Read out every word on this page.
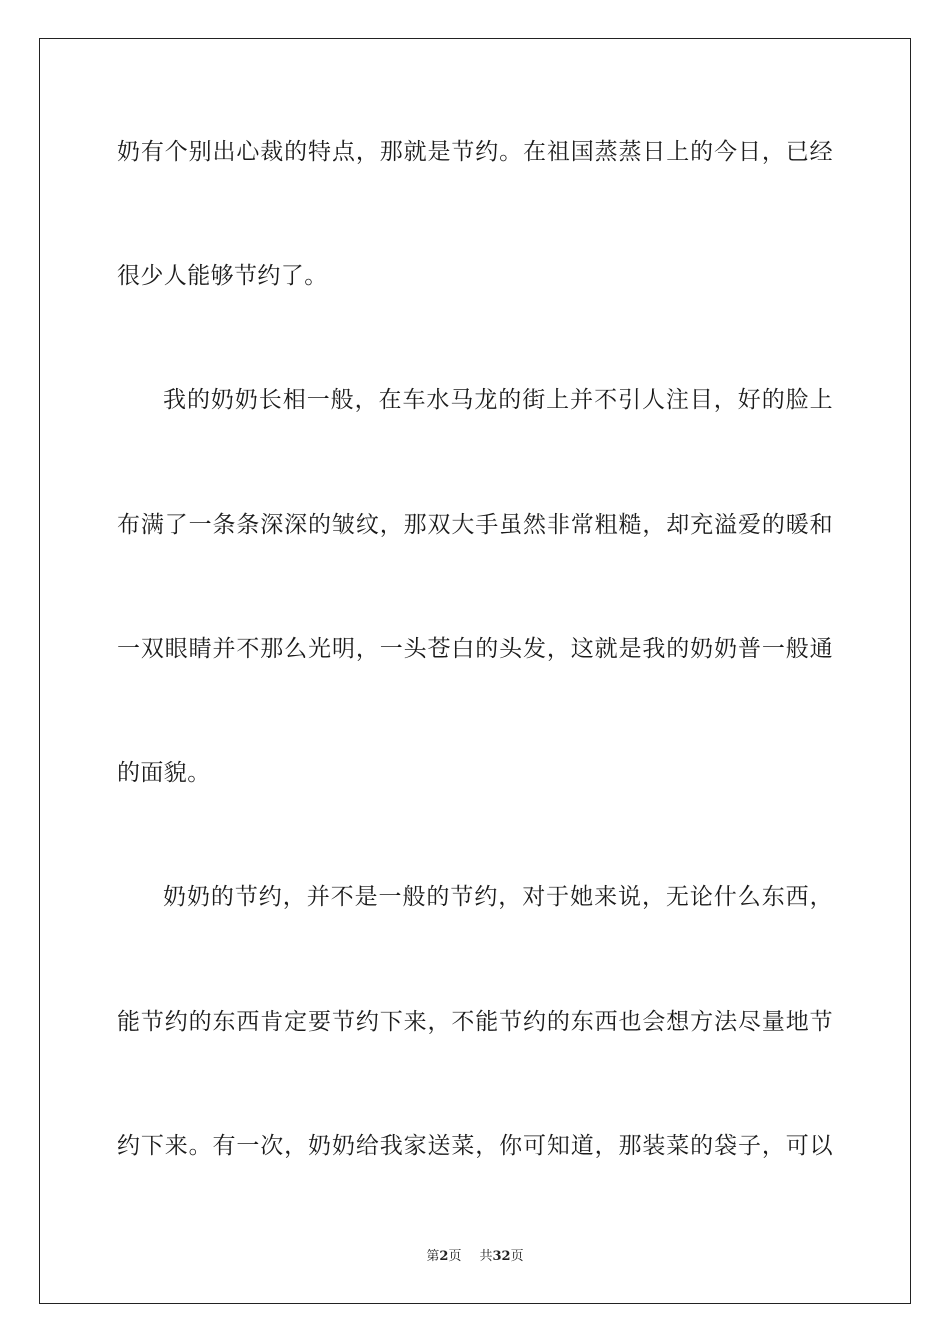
奶有个别出心裁的特点，那就是节约。在祖国蒸蒸日上的今日，已经
很少人能够节约了。
我的奶奶长相一般，在车水马龙的街上并不引人注目，好的脸上
布满了一条条深深的皱纹，那双大手虽然非常粗糙，却充溢爱的暖和
一双眼睛并不那么光明，一头苍白的头发，这就是我的奶奶普一般通
的面貌。
奶奶的节约，并不是一般的节约，对于她来说，无论什么东西，
能节约的东西肯定要节约下来，不能节约的东西也会想方法尽量地节
约下来。有一次，奶奶给我家送菜，你可知道，那装菜的袋子，可以
第2页 共32页
